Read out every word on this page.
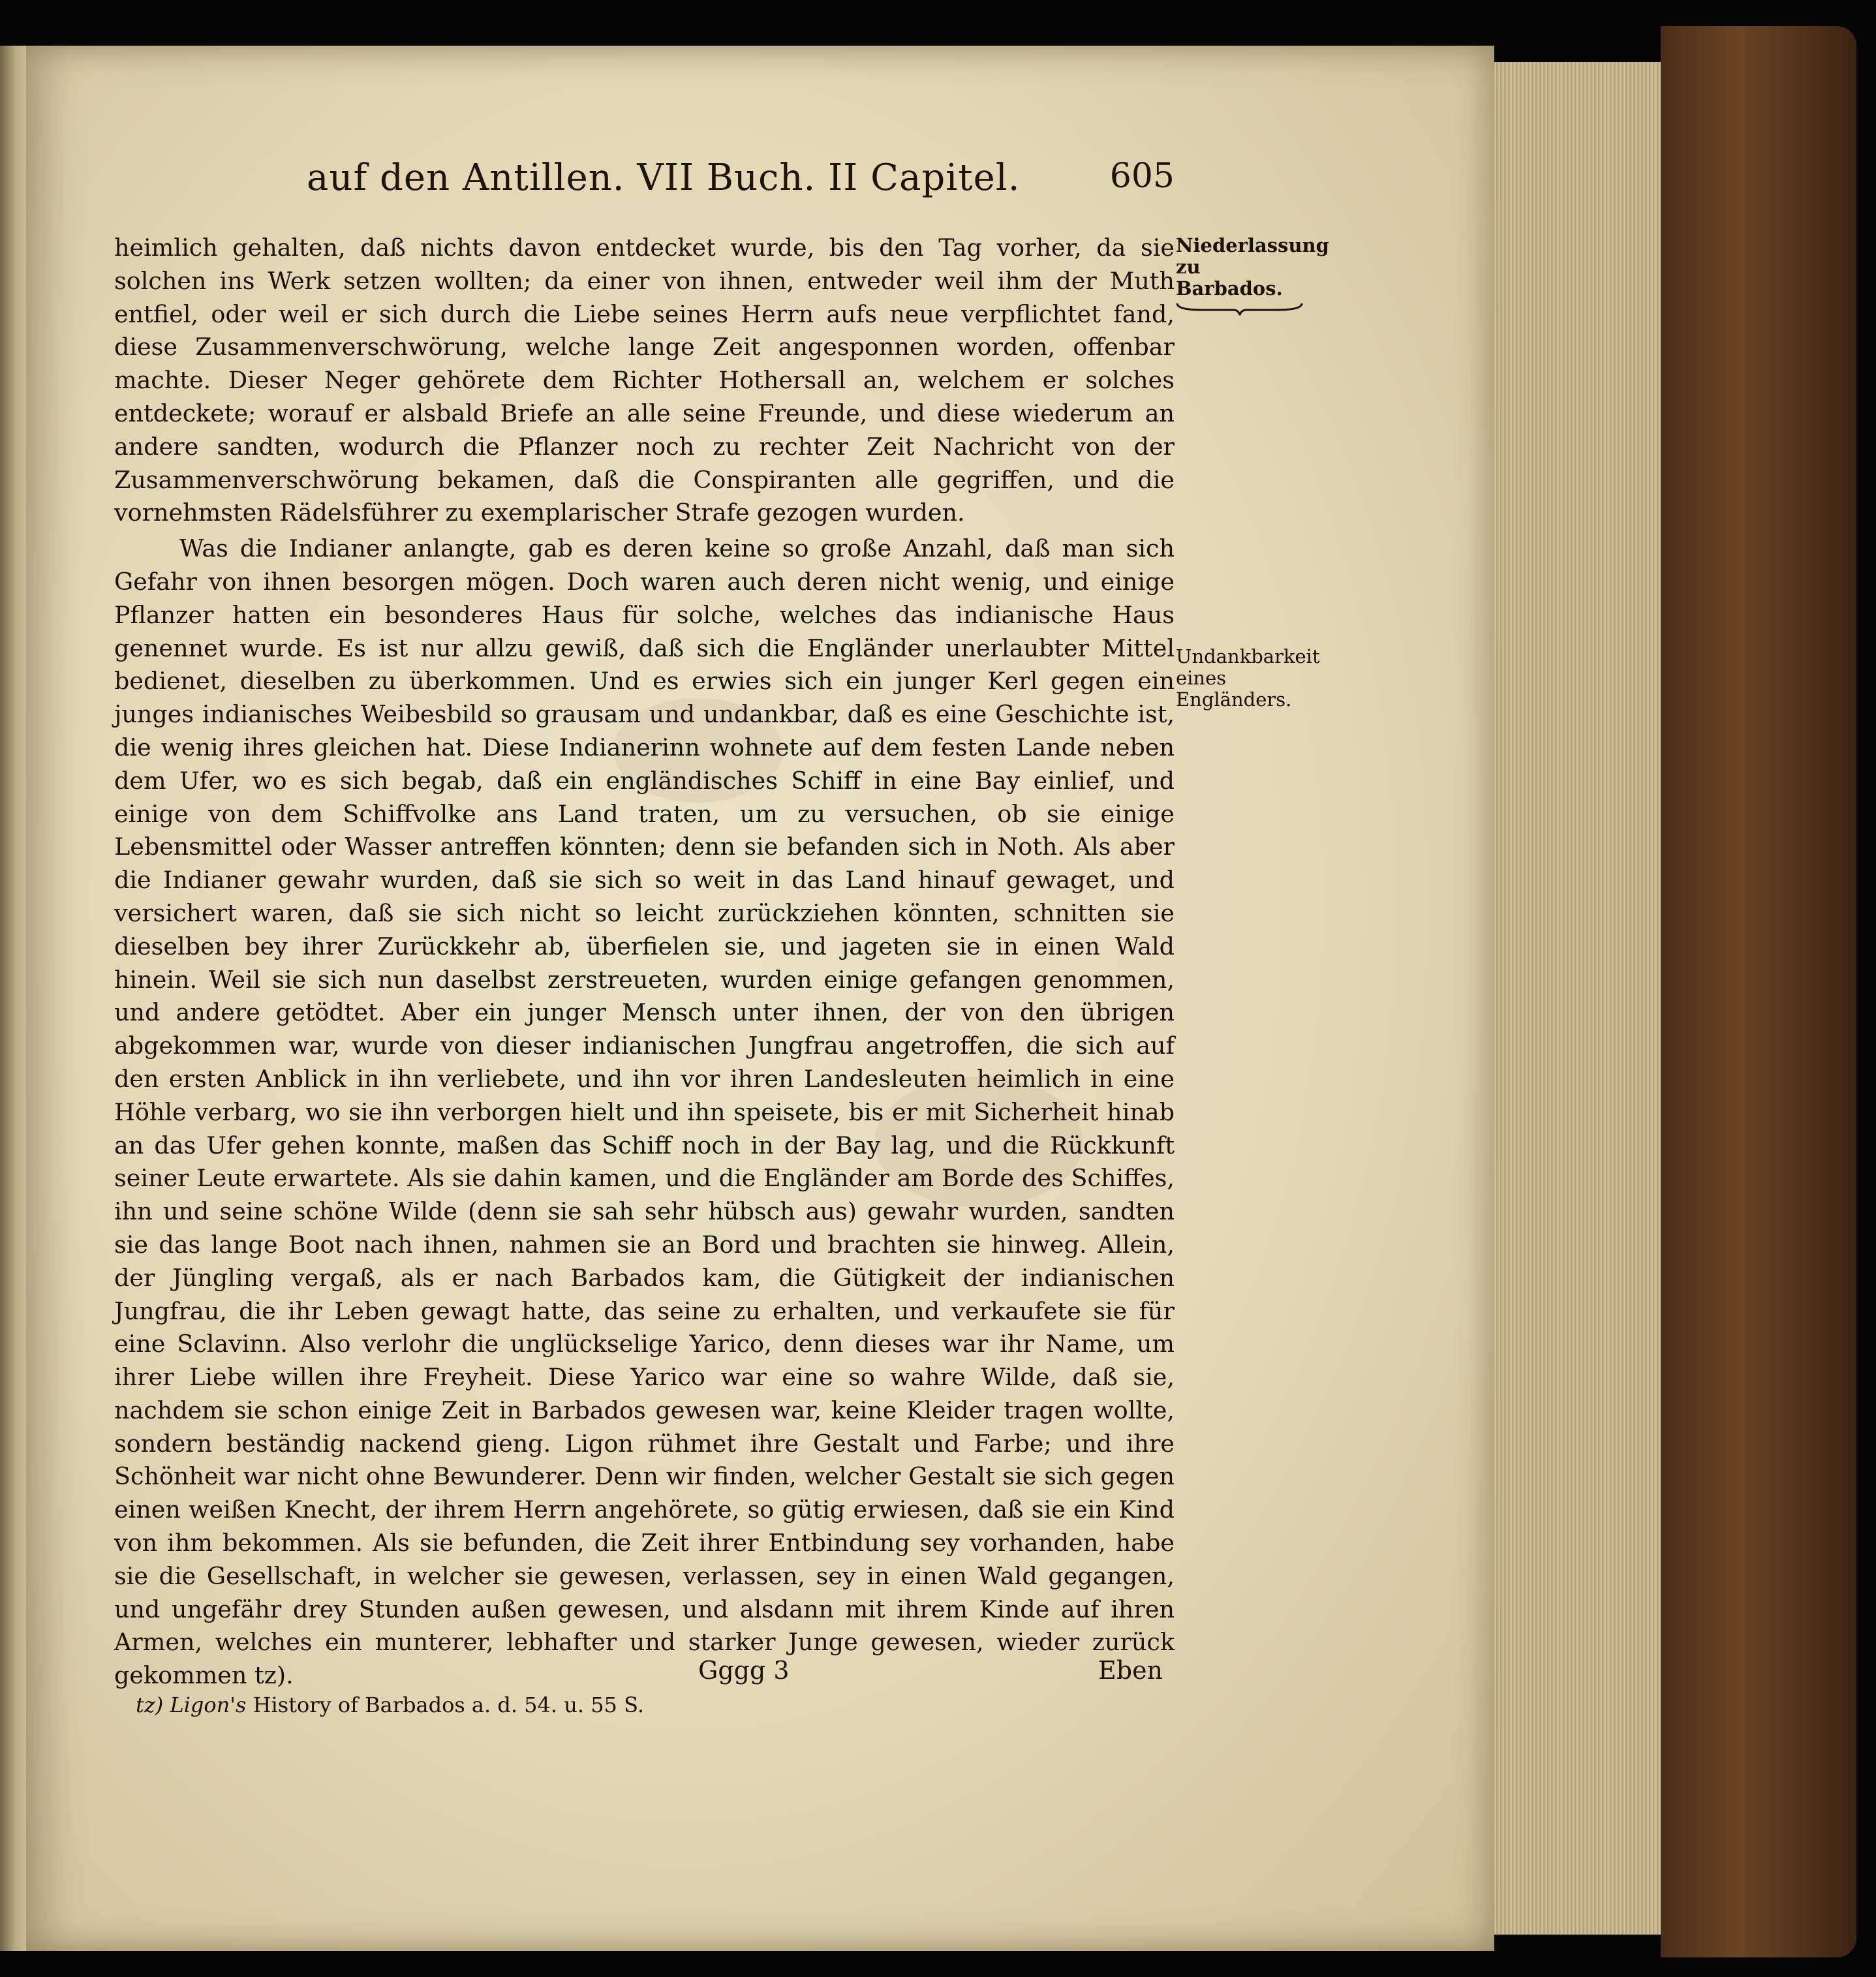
auf den Antillen. VII Buch. II Capitel.	605

heimlich gehalten, daß nichts davon entdecket wurde, bis den Tag vorher, da sie solchen ins Werk setzen wollten; da einer von ihnen, entweder weil ihm der Muth entfiel, oder weil er sich durch die Liebe seines Herrn aufs neue verpflichtet fand, diese Zusammenverschwörung, welche lange Zeit angesponnen worden, offenbar machte. Dieser Neger gehörete dem Richter Hothersall an, welchem er solches entdeckete; worauf er alsbald Briefe an alle seine Freunde, und diese wiederum an andere sandten, wodurch die Pflanzer noch zu rechter Zeit Nachricht von der Zusammenverschwörung bekamen, daß die Conspiranten alle gegriffen, und die vornehmsten Rädelsführer zu exemplarischer Strafe gezogen wurden.

Was die Indianer anlangte, gab es deren keine so große Anzahl, daß man sich Gefahr von ihnen besorgen mögen. Doch waren auch deren nicht wenig, und einige Pflanzer hatten ein besonderes Haus für solche, welches das indianische Haus genennet wurde. Es ist nur allzu gewiß, daß sich die Engländer unerlaubter Mittel bedienet, dieselben zu überkommen. Und es erwies sich ein junger Kerl gegen ein junges indianisches Weibesbild so grausam und undankbar, daß es eine Geschichte ist, die wenig ihres gleichen hat. Diese Indianerinn wohnete auf dem festen Lande neben dem Ufer, wo es sich begab, daß ein engländisches Schiff in eine Bay einlief, und einige von dem Schiffvolke ans Land traten, um zu versuchen, ob sie einige Lebensmittel oder Wasser antreffen könnten; denn sie befanden sich in Noth. Als aber die Indianer gewahr wurden, daß sie sich so weit in das Land hinauf gewaget, und versichert waren, daß sie sich nicht so leicht zurückziehen könnten, schnitten sie dieselben bey ihrer Zurückkehr ab, überfielen sie, und jageten sie in einen Wald hinein. Weil sie sich nun daselbst zerstreueten, wurden einige gefangen genommen, und andere getödtet. Aber ein junger Mensch unter ihnen, der von den übrigen abgekommen war, wurde von dieser indianischen Jungfrau angetroffen, die sich auf den ersten Anblick in ihn verliebete, und ihn vor ihren Landesleuten heimlich in eine Höhle verbarg, wo sie ihn verborgen hielt und ihn speisete, bis er mit Sicherheit hinab an das Ufer gehen konnte, maßen das Schiff noch in der Bay lag, und die Rückkunft seiner Leute erwartete. Als sie dahin kamen, und die Engländer am Borde des Schiffes, ihn und seine schöne Wilde (denn sie sah sehr hübsch aus) gewahr wurden, sandten sie das lange Boot nach ihnen, nahmen sie an Bord und brachten sie hinweg. Allein, der Jüngling vergaß, als er nach Barbados kam, die Gütigkeit der indianischen Jungfrau, die ihr Leben gewagt hatte, das seine zu erhalten, und verkaufete sie für eine Sclavinn. Also verlohr die unglückselige Yarico, denn dieses war ihr Name, um ihrer Liebe willen ihre Freyheit. Diese Yarico war eine so wahre Wilde, daß sie, nachdem sie schon einige Zeit in Barbados gewesen war, keine Kleider tragen wollte, sondern beständig nackend gieng. Ligon rühmet ihre Gestalt und Farbe; und ihre Schönheit war nicht ohne Bewunderer. Denn wir finden, welcher Gestalt sie sich gegen einen weißen Knecht, der ihrem Herrn angehörete, so gütig erwiesen, daß sie ein Kind von ihm bekommen. Als sie befunden, die Zeit ihrer Entbindung sey vorhanden, habe sie die Gesellschaft, in welcher sie gewesen, verlassen, sey in einen Wald gegangen, und ungefähr drey Stunden außen gewesen, und alsdann mit ihrem Kinde auf ihren Armen, welches ein munterer, lebhafter und starker Junge gewesen, wieder zurück gekommen tz).

Niederlassung zu Barbados.
Undankbarkeit eines Engländers.
Gggg 3	Eben
tz) Ligon's History of Barbados a. d. 54. u. 55 S.
